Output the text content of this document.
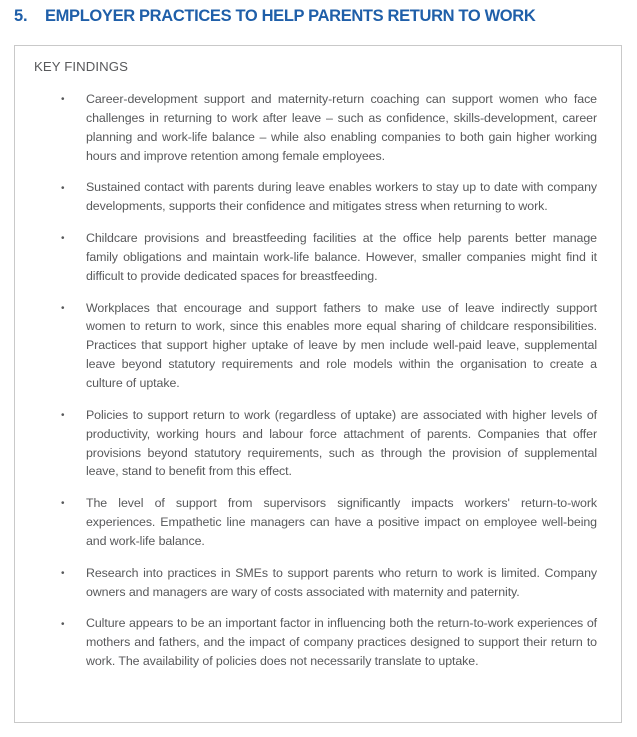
5.	EMPLOYER PRACTICES TO HELP PARENTS RETURN TO WORK
KEY FINDINGS
•
Career-development support and maternity-return coaching can support women who face challenges in returning to work after leave – such as confidence, skills-development, career planning and work-life balance – while also enabling companies to both gain higher working hours and improve retention among female employees.
•
Sustained contact with parents during leave enables workers to stay up to date with company developments, supports their confidence and mitigates stress when returning to work.
•
Childcare provisions and breastfeeding facilities at the office help parents better manage family obligations and maintain work-life balance. However, smaller companies might find it difficult to provide dedicated spaces for breastfeeding.
•
Workplaces that encourage and support fathers to make use of leave indirectly support women to return to work, since this enables more equal sharing of childcare responsibilities. Practices that support higher uptake of leave by men include well-paid leave, supplemental leave beyond statutory requirements and role models within the organisation to create a culture of uptake.
•
Policies to support return to work (regardless of uptake) are associated with higher levels of productivity, working hours and labour force attachment of parents. Companies that offer provisions beyond statutory requirements, such as through the provision of supplemental leave, stand to benefit from this effect.
•
The level of support from supervisors significantly impacts workers' return-to-work experiences. Empathetic line managers can have a positive impact on employee well-being and work-life balance.
•
Research into practices in SMEs to support parents who return to work is limited. Company owners and managers are wary of costs associated with maternity and paternity.
•
Culture appears to be an important factor in influencing both the return-to-work experiences of mothers and fathers, and the impact of company practices designed to support their return to work. The availability of policies does not necessarily translate to uptake.
